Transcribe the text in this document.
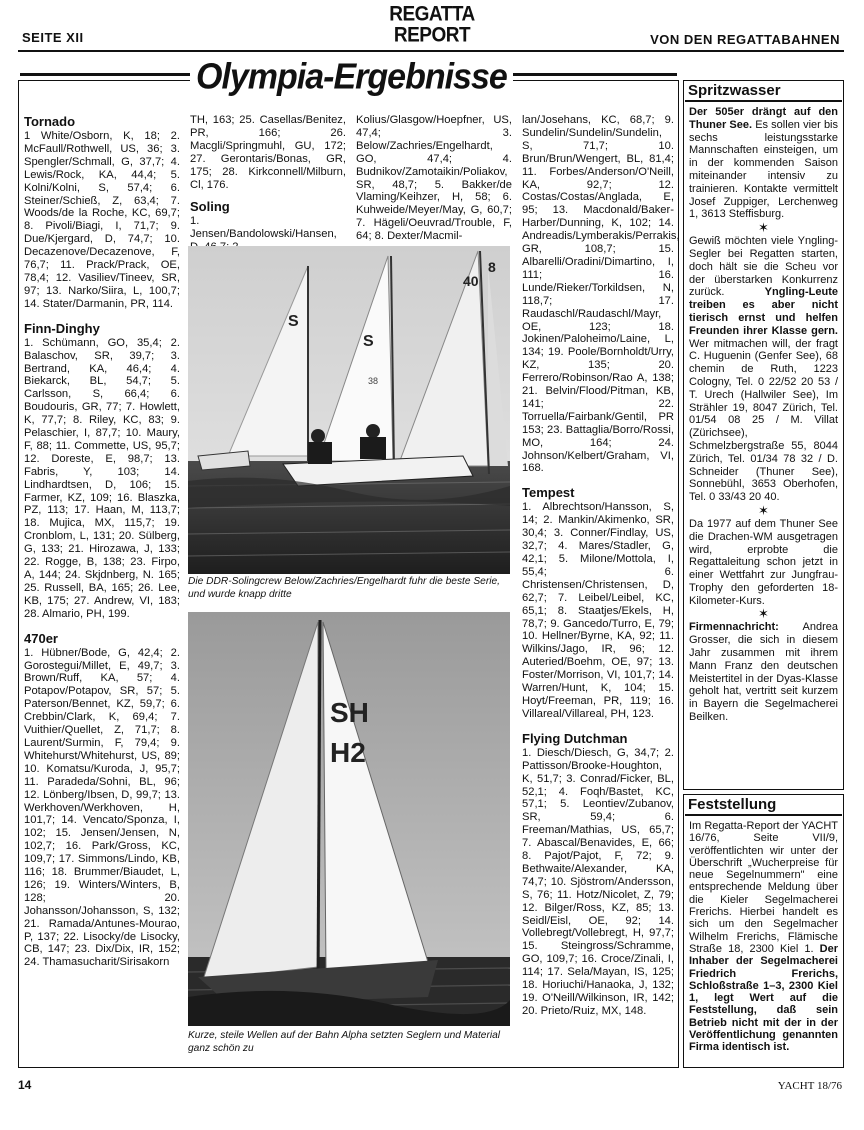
SEITE XII
REGATTA
REPORT	VON DEN REGATTABAHNEN
Olympia-Ergebnisse
Tornado

1 White/Osborn, K, 18; 2. McFaull/Rothwell, US, 36; 3. Spengler/Schmall, G, 37,7; 4. Lewis/Rock, KA, 44,4; 5. Kolni/Kolni, S, 57,4; 6. Steiner/Schieß, Z, 63,4; 7. Woods/de la Roche, KC, 69,7; 8. Pivoli/Biagi, I, 71,7; 9. Due/Kjergard, D, 74,7; 10. Decazenove/Decazenove, F, 76,7; 11. Prack/Prack, OE, 78,4; 12. Vasiliev/Tineev, SR, 97; 13. Narko/Siira, L, 100,7; 14. Stater/Darmanin, PR, 114.

Finn-Dinghy

1. Schümann, GO, 35,4; 2. Balaschov, SR, 39,7; 3. Bertrand, KA, 46,4; 4. Biekarck, BL, 54,7; 5. Carlsson, S, 66,4; 6. Boudouris, GR, 77; 7. Howlett, K, 77,7; 8. Riley, KC, 83; 9. Pelaschier, I, 87,7; 10. Maury, F, 88; 11. Commette, US, 95,7; 12. Doreste, E, 98,7; 13. Fabris, Y, 103; 14. Lindhardtsen, D, 106; 15. Farmer, KZ, 109; 16. Blaszka, PZ, 113; 17. Haan, M, 113,7; 18. Mujica, MX, 115,7; 19. Cronblom, L, 131; 20. Sülberg, G, 133; 21. Hirozawa, J, 133; 22. Rogge, B, 138; 23. Firpo, A, 144; 24. Skjdnberg, N. 165; 25. Russell, BA, 165; 26. Lee, KB, 175; 27. Andrew, VI, 183; 28. Almario, PH, 199.

470er

1. Hübner/Bode, G, 42,4; 2. Gorostegui/Millet, E, 49,7; 3. Brown/Ruff, KA, 57; 4. Potapov/Potapov, SR, 57; 5. Paterson/Bennet, KZ, 59,7; 6. Crebbin/Clark, K, 69,4; 7. Vuithier/Quellet, Z, 71,7; 8. Laurent/Surmin, F, 79,4; 9. Whitehurst/Whitehurst, US, 89; 10. Komatsu/Kuroda, J, 95,7; 11. Paradeda/Sohni, BL, 96; 12. Lönberg/Ibsen, D, 99,7; 13. Werkhoven/Werkhoven, H, 101,7; 14. Vencato/Sponza, I, 102; 15. Jensen/Jensen, N, 102,7; 16. Park/Gross, KC, 109,7; 17. Simmons/Lindo, KB, 116; 18. Brummer/Biaudet, L, 126; 19. Winters/Winters, B, 128; 20. Johansson/Johansson, S, 132; 21. Ramada/Antunes-Mourao, P, 137; 22. Lisocky/de Lisocky, CB, 147; 23. Dix/Dix, IR, 152; 24. Thamasucharit/Sirisakorn

TH, 163; 25. Casellas/Benitez, PR, 166; 26. Macgli/Springmuhl, GU, 172; 27. Gerontaris/Bonas, GR, 175; 28. Kirkconnell/Milburn, Cl, 176.

Soling

1. Jensen/Bandolowski/Hansen,

Kolius/Glasgow/Hoepfner, US, 47,4; 3. Below/Zachries/Engelhardt, GO, 47,4; 4. Budnikov/Zamotaikin/Poliakov, SR, 48,7; 5. Bakker/de Vlaming/Keihzer, H, 58; 6. Kuhweide/Meyer/May, G, 60,7; 7. Hägeli/Oeuvrad/Trouble, F, 64; 8. Dexter/Macmil-

S
S
38
40
8
Die DDR-Solingcrew Below/Zachries/Engelhardt fuhr die beste Serie, und wurde knapp dritte
SH
H2
Kurze, steile Wellen auf der Bahn Alpha setzten Seglern und Material ganz schön zu

lan/Josehans, KC, 68,7; 9. Sundelin/Sundelin/Sundelin, S, 71,7; 10. Brun/Brun/Wengert, BL, 81,4; 11. Forbes/Anderson/O'Neill, KA, 92,7; 12. Costas/Costas/Anglada, E, 95; 13. Macdonald/Baker-Harber/Dunning, K, 102; 14. Andreadis/Lymberakis/Perrakis, GR, 108,7; 15. Albarelli/Oradini/Dimartino, I, 111; 16. Lunde/Rieker/Torkildsen, N, 118,7; 17. Raudaschl/Raudaschl/Mayr, OE, 123; 18. Jokinen/Paloheimo/Laine, L, 134; 19. Poole/Bornholdt/Urry, KZ, 135; 20. Ferrero/Robinson/Rao A, 138; 21. Belvin/Flood/Pitman, KB, 141; 22. Torruella/Fairbank/Gentil, PR 153; 23. Battaglia/Borro/Rossi, MO, 164; 24. Johnson/Kelbert/Graham, VI, 168.

Tempest

1. Albrechtson/Hansson, S, 14; 2. Mankin/Akimenko, SR, 30,4; 3. Conner/Findlay, US, 32,7; 4. Mares/Stadler, G, 42,1; 5. Milone/Mottola, I, 55,4; 6. Christensen/Christensen, D, 62,7; 7. Leibel/Leibel, KC, 65,1; 8. Staatjes/Ekels, H, 78,7; 9. Gancedo/Turro, E, 79; 10. Hellner/Byrne, KA, 92; 11. Wilkins/Jago, IR, 96; 12. Auteried/Boehm, OE, 97; 13. Foster/Morrison, VI, 101,7; 14. Warren/Hunt, K, 104; 15. Hoyt/Freeman, PR, 119; 16. Villareal/Villareal, PH, 123.

Flying Dutchman

1. Diesch/Diesch, G, 34,7; 2. Pattisson/Brooke-Houghton, K, 51,7; 3. Conrad/Ficker, BL, 52,1; 4. Foqh/Bastet, KC, 57,1; 5. Leontiev/Zubanov, SR, 59,4; 6. Freeman/Mathias, US, 65,7; 7. Abascal/Benavides, E, 66; 8. Pajot/Pajot, F, 72; 9. Bethwaite/Alexander, KA, 74,7; 10. Sjöstrom/Andersson, S, 76; 11. Hotz/Nicolet, Z, 79; 12. Bilger/Ross, KZ, 85; 13. Seidl/Eisl, OE, 92; 14. Vollebregt/Vollebregt, H, 97,7; 15. Steingross/Schramme, GO, 109,7; 16. Croce/Zinali, I, 114; 17. Sela/Mayan, IS, 125; 18. Horiuchi/Hanaoka, J, 132; 19. O'Neill/Wilkinson, IR, 142; 20. Prieto/Ruiz, MX, 148.

Spritzwasser

Der 505er drängt auf den Thuner See. Es sollen vier bis sechs leistungsstarke Mannschaften einsteigen, um in der kommenden Saison miteinander intensiv zu trainieren. Kontakte vermittelt Josef Zuppiger, Lerchenweg 1, 3613 Steffisburg.

✶

Gewiß möchten viele Yngling-Segler bei Regatten starten, doch hält sie die Scheu vor der überstarken Konkurrenz zurück. Yngling-Leute treiben es aber nicht tierisch ernst und helfen Freunden ihrer Klasse gern. Wer mitmachen will, der fragt C. Huguenin (Genfer See), 68 chemin de Ruth, 1223 Cologny, Tel. 0 22/52 20 53 / T. Urech (Hallwiler See), Im Strähler 19, 8047 Zürich, Tel. 01/54 08 25 / M. Villat (Zürichsee), Schmelzbergstraße 55, 8044 Zürich, Tel. 01/34 78 32 / D. Schneider (Thuner See), Sonnebühl, 3653 Oberhofen, Tel. 0 33/43 20 40.

✶

Da 1977 auf dem Thuner See die Drachen-WM ausgetragen wird, erprobte die Regattaleitung schon jetzt in einer Wettfahrt zur Jungfrau-Trophy den geforderten 18-Kilometer-Kurs.

✶

Firmennachricht: Andrea Grosser, die sich in diesem Jahr zusammen mit ihrem Mann Franz den deutschen Meistertitel in der Dyas-Klasse geholt hat, vertritt seit kurzem in Bayern die Segelmacherei Beilken.

Feststellung

Im Regatta-Report der YACHT 16/76, Seite VII/9, veröffentlichten wir unter der Überschrift „Wucherpreise für neue Segelnummern" eine entsprechende Meldung über die Kieler Segelmacherei Frerichs. Hierbei handelt es sich um den Segelmacher Wilhelm Frerichs, Flämische Straße 18, 2300 Kiel 1. Der Inhaber der Segelmacherei Friedrich Frerichs, Schloßstraße 1–3, 2300 Kiel 1, legt Wert auf die Feststellung, daß sein Betrieb nicht mit der in der Veröffentlichung genannten Firma identisch ist.

14	YACHT 18/76
